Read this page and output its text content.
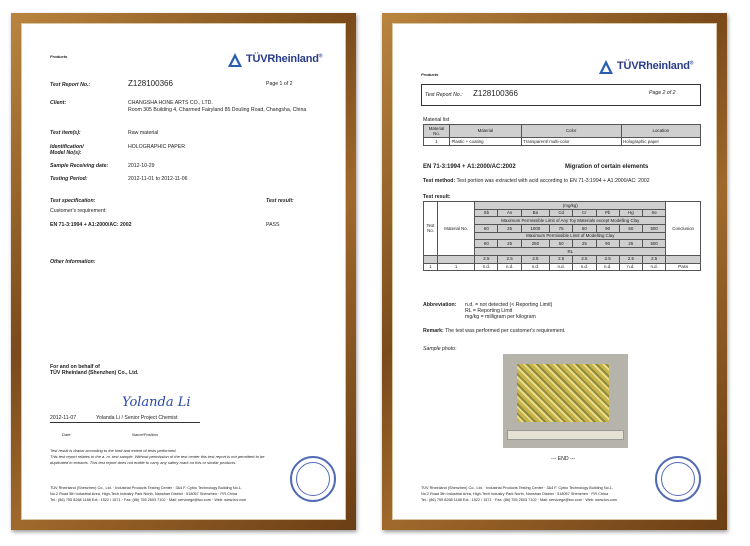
Products	TÜVRheinland®
Test Report No.:	Z128100366	Page 1 of 2
Client:	CHANGSHA HONE ARTS CO., LTD.
Room 305 Building 4, Charmed Fairyland 85 Douling Road, Changsha, China
Test item(s):	Raw material
Identification/
Model No(s):
HOLOGRAPHIC PAPER
Sample Receiving date:	2012-10-29
Testing Period:	2012-11-01 to 2012-11-06
Test specification:	Test result:
Customer's requirement:
EN 71-3:1994 + A1:2000/AC: 2002	PASS
Other Information:
For and on behalf of
TÜV Rheinland (Shenzhen) Co., Ltd.
Yolanda Li
2012-11-07	Yolanda Li / Senior Project Chemist
Date	Name/Position
Test result is drawn according to the kind and extent of tests performed.
This test report relates to the a. m. test sample. Without permission of the test center this test report is not permitted to be
duplicated in extracts. This test report does not entitle to carry any safety mark on this or similar products.
TÜV Rheinland (Shenzhen) Co., Ltd. · Industrial Products Testing Center · 3&4 F. Cybio Technology Building No.1,
No.2 Road 5th Industrial Area, High-Tech Industry Park North, Nanshan District · 518057 Shenzhen · P.R.China
Tel.: (86) 755 8268 1188 Ext.: 1522 / 1571 · Fax: (86) 755 2603 7102 · Mail: servicegz@tuv.com · Web: www.tuv.com
Products
TÜVRheinland®
Test Report No.: Z128100366	Page 2 of 2
Material list
Material No.	Material	Color	Location
1	Plastic + coating	Transparent/ multi-color	Holographic paper
EN 71-3:1994 + A1:2000/AC:2002	Migration of certain elements
Test method: Test portion was extracted with acid according to EN 71-3:1994 + A1:2000/AC: 2002
Test result:
Test No.	Material No.	(mg/kg)								Conclusion
		Sb	As	Ba	Cd	Cr	Pb	Hg	Se	
		Maximum Permissible Limit of Any Toy Materials except Modelling Clay								
		60	25	1000	75	60	90	60	500	
		Maximum Permissible Limit of Modelling Clay								
		60	25	250	50	25	90	25	500	
		RL								
		2.5	2.5	2.5	2.5	2.5	2.5	2.5	2.5	
1	1	n.d.	n.d.	n.d.	n.d.	n.d.	n.d.	n.d.	n.d.	Pass
Abbreviation: n.d. = not detected (< Reporting Limit)
RL = Reporting Limit
mg/kg = milligram per kilogram
Remark: The test was performed per customer's requirement.
Sample photo:
--- END ---
TÜV Rheinland (Shenzhen) Co., Ltd. · Industrial Products Testing Center · 3&4 F. Cybio Technology Building No.1,
No.2 Road 5th Industrial Area, High-Tech Industry Park North, Nanshan District · 518057 Shenzhen · P.R.China
Tel.: (86) 755 8268 1188 Ext.: 1522 / 1571 · Fax: (86) 755 2603 7102 · Mail: servicegz@tuv.com · Web: www.tuv.com
